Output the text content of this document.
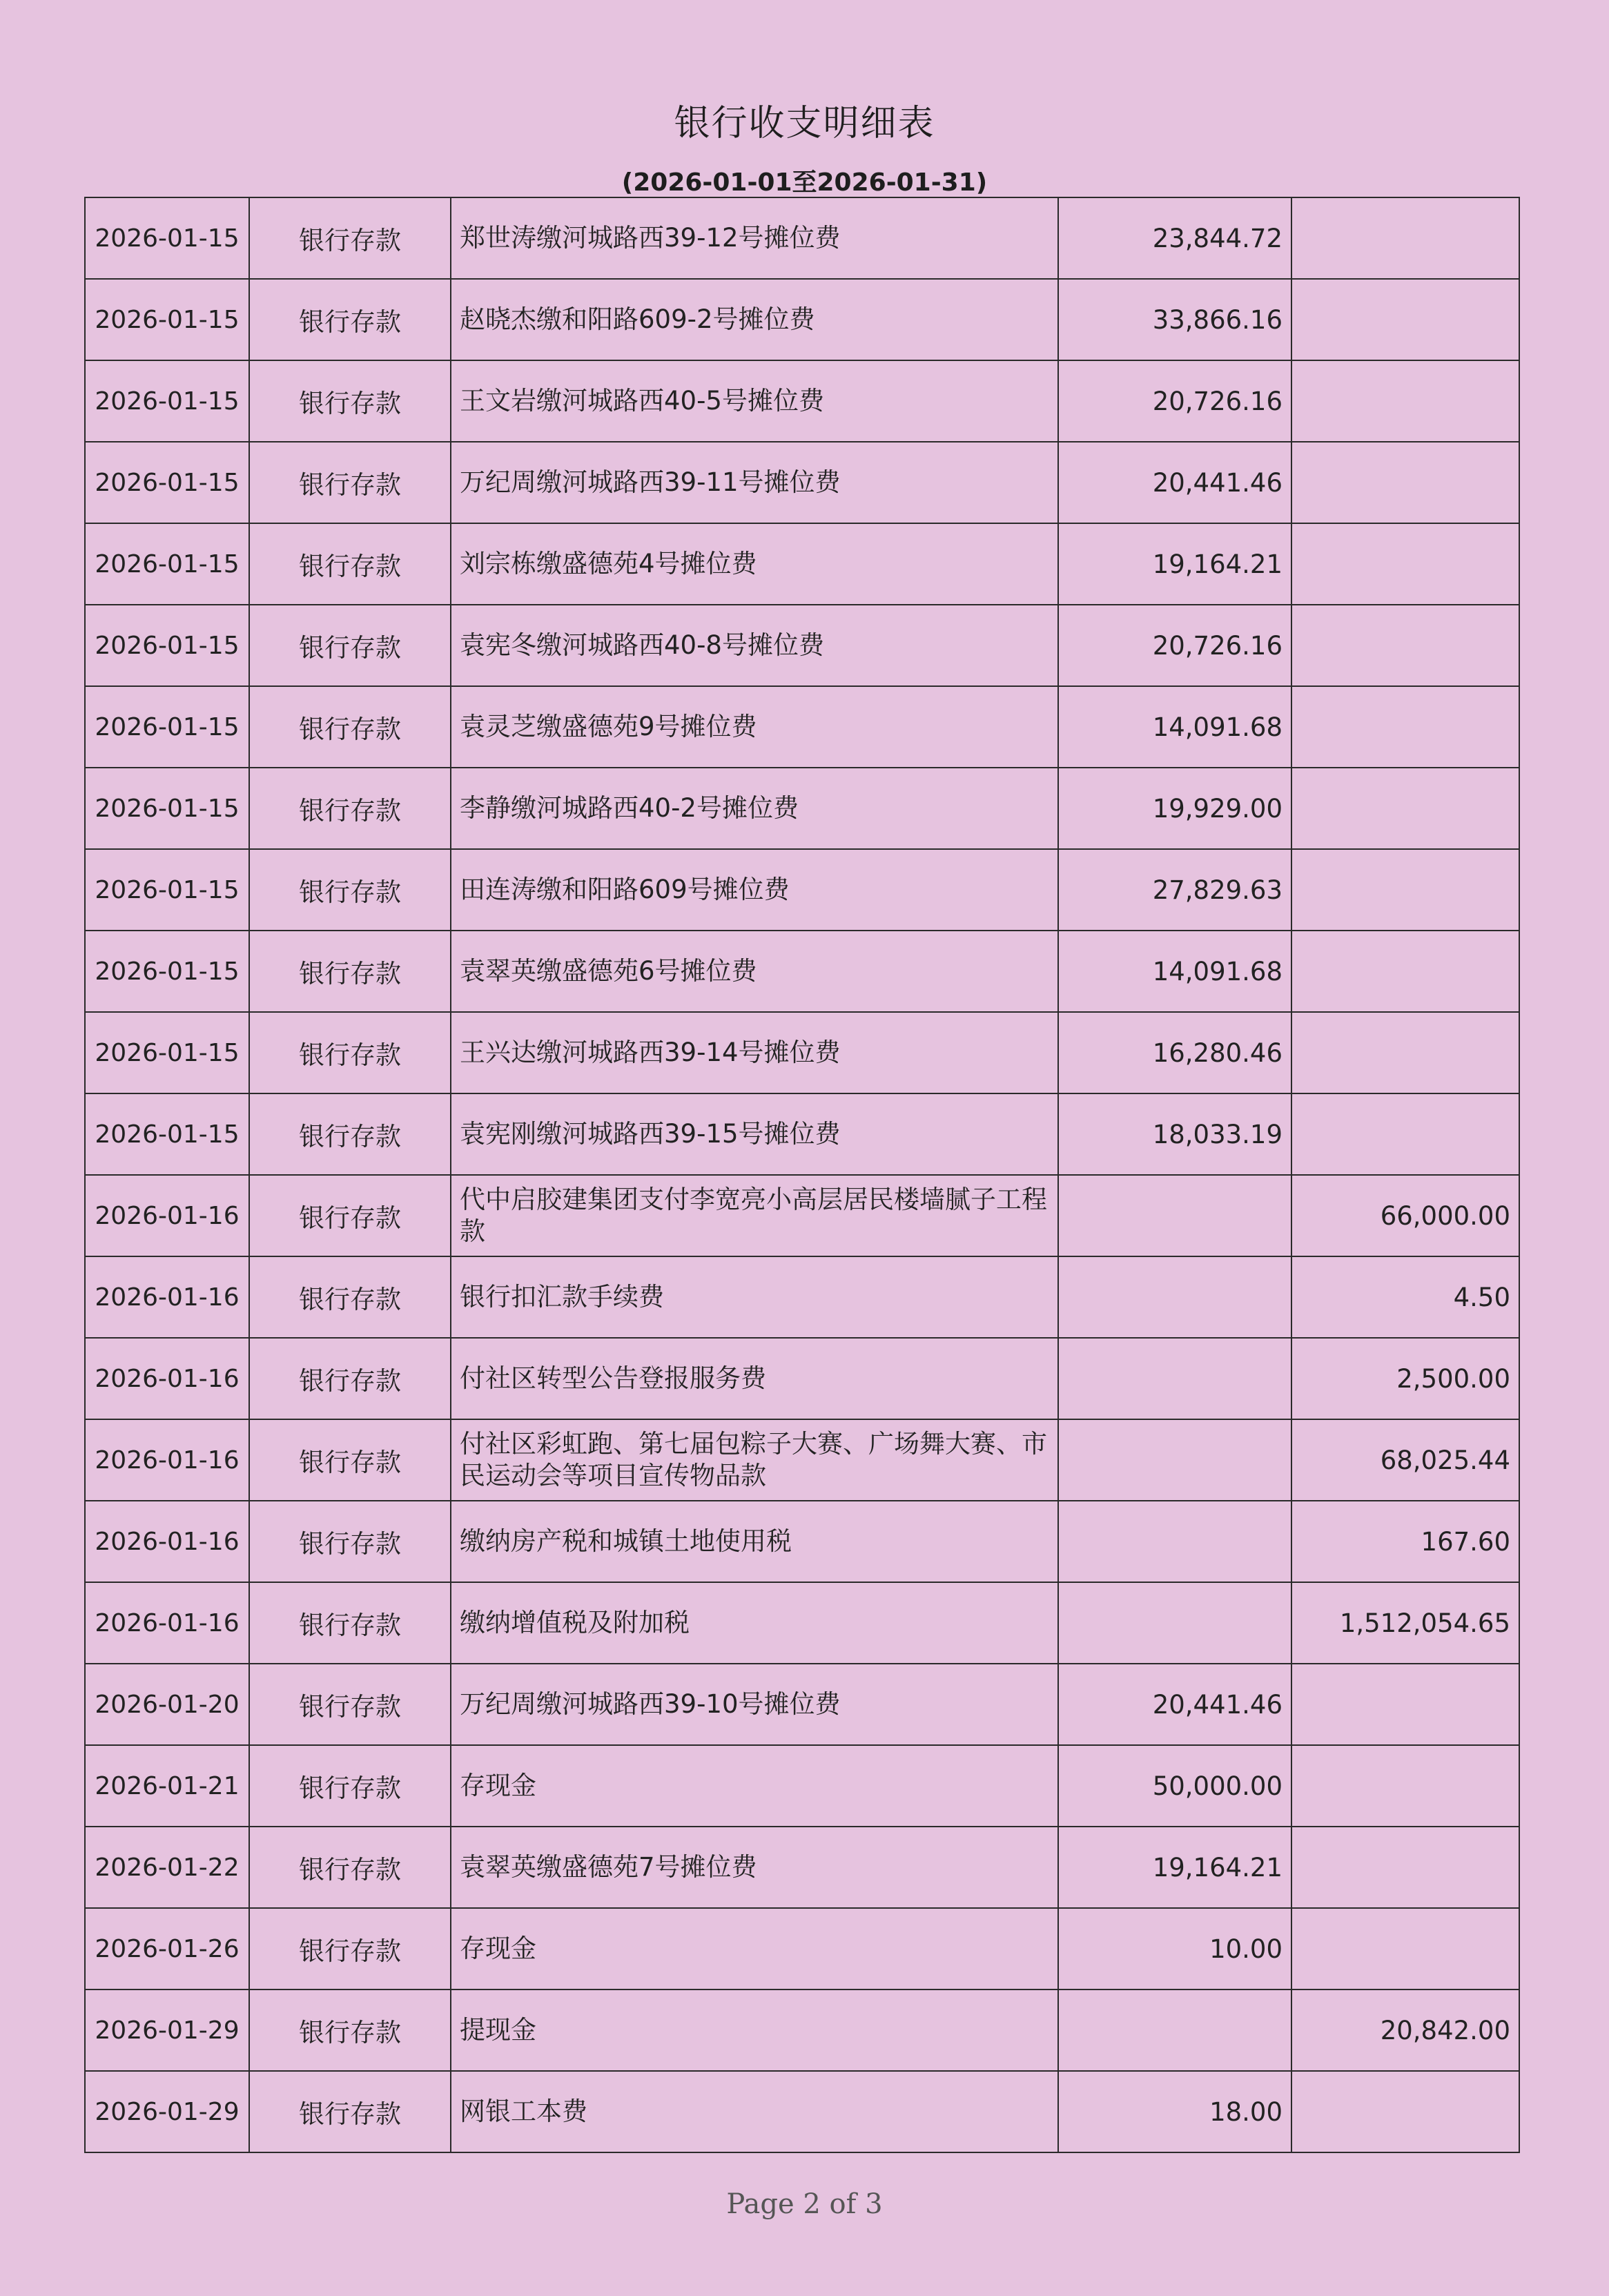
银行收支明细表
(2026-01-01至2026-01-31)
2026-01-15	银行存款	郑世涛缴河城路西39-12号摊位费	23,844.72	
2026-01-15	银行存款	赵晓杰缴和阳路609-2号摊位费	33,866.16	
2026-01-15	银行存款	王文岩缴河城路西40-5号摊位费	20,726.16	
2026-01-15	银行存款	万纪周缴河城路西39-11号摊位费	20,441.46	
2026-01-15	银行存款	刘宗栋缴盛德苑4号摊位费	19,164.21	
2026-01-15	银行存款	袁宪冬缴河城路西40-8号摊位费	20,726.16	
2026-01-15	银行存款	袁灵芝缴盛德苑9号摊位费	14,091.68	
2026-01-15	银行存款	李静缴河城路西40-2号摊位费	19,929.00	
2026-01-15	银行存款	田连涛缴和阳路609号摊位费	27,829.63	
2026-01-15	银行存款	袁翠英缴盛德苑6号摊位费	14,091.68	
2026-01-15	银行存款	王兴达缴河城路西39-14号摊位费	16,280.46	
2026-01-15	银行存款	袁宪刚缴河城路西39-15号摊位费	18,033.19	
2026-01-16	银行存款	代中启胶建集团支付李宽亮小高层居民楼墙腻子工程款		66,000.00
2026-01-16	银行存款	银行扣汇款手续费		4.50
2026-01-16	银行存款	付社区转型公告登报服务费		2,500.00
2026-01-16	银行存款	付社区彩虹跑、第七届包粽子大赛、广场舞大赛、市民运动会等项目宣传物品款		68,025.44
2026-01-16	银行存款	缴纳房产税和城镇土地使用税		167.60
2026-01-16	银行存款	缴纳增值税及附加税		1,512,054.65
2026-01-20	银行存款	万纪周缴河城路西39-10号摊位费	20,441.46	
2026-01-21	银行存款	存现金	50,000.00	
2026-01-22	银行存款	袁翠英缴盛德苑7号摊位费	19,164.21	
2026-01-26	银行存款	存现金	10.00	
2026-01-29	银行存款	提现金		20,842.00
2026-01-29	银行存款	网银工本费	18.00	
Page 2 of 3
